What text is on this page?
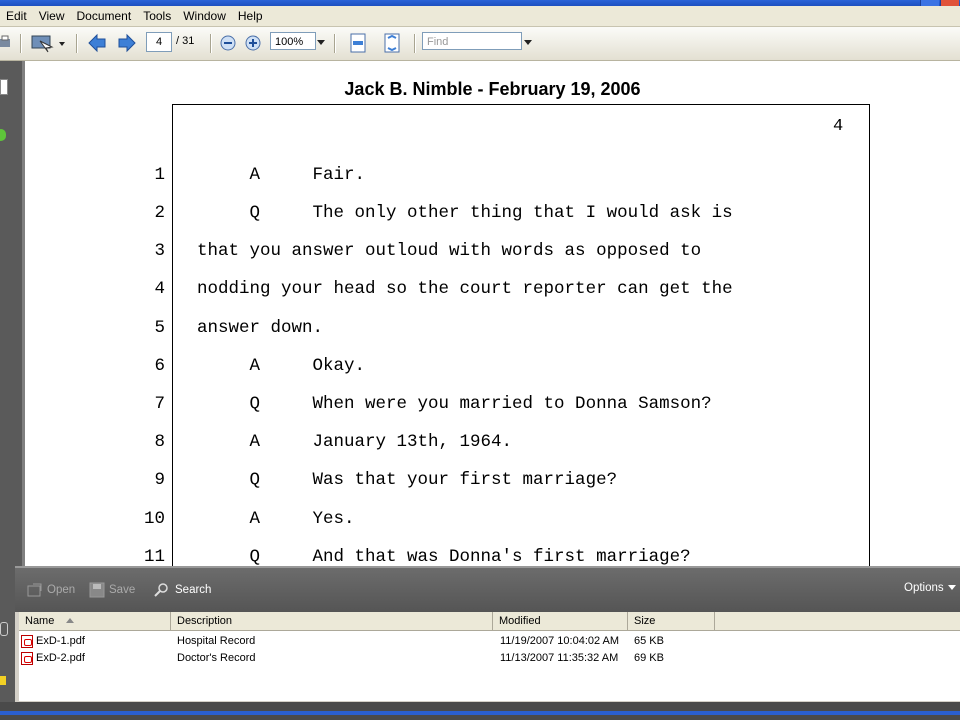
Edit	View	Document	Tools	Window	Help
4	/ 31	100%	Find
Jack B. Nimble - February 19, 2006
4
1 A     Fair.
2 Q     The only other thing that I would ask is
3 that you answer outloud with words as opposed to
4 nodding your head so the court reporter can get the
5 answer down.
6 A     Okay.
7 Q     When were you married to Donna Samson?
8 A     January 13th, 1964.
9 Q     Was that your first marriage?
10 A     Yes.
11 Q     And that was Donna's first marriage?
Open	Save	Search	Options
Name	Description	Modified	Size
ExD-1.pdf	Hospital Record	11/19/2007 10:04:02 AM 65 KB
ExD-2.pdf	Doctor's Record	11/13/2007 11:35:32 AM 69 KB
